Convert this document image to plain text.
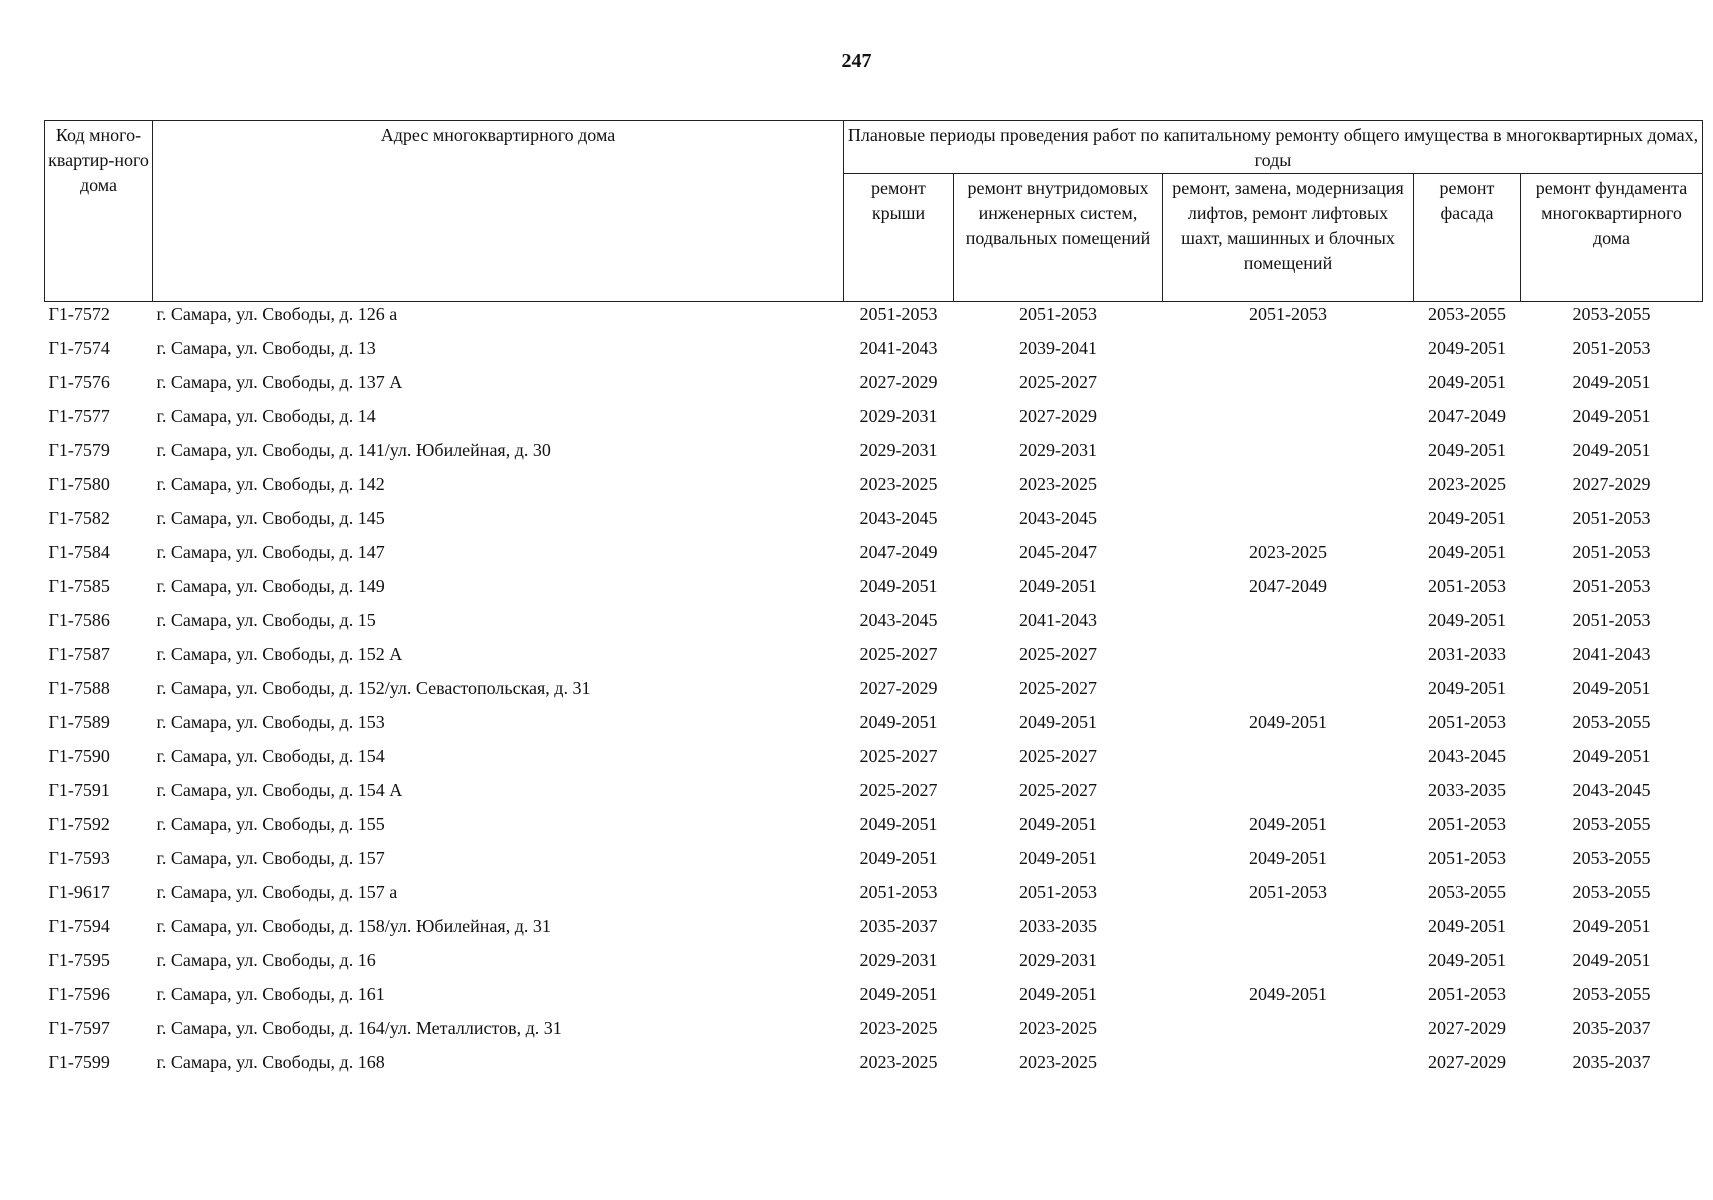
247
Код много-квартир-ного дома	Адрес многоквартирного дома	Плановые периоды проведения работ по капитальному ремонту общего имущества в многоквартирных домах, годы				
		ремонт крыши	ремонт внутридомовых инженерных систем, подвальных помещений	ремонт, замена, модернизация лифтов, ремонт лифтовых шахт, машинных и блочных помещений	ремонт фасада	ремонт фундамента многоквартирного дома
Г1-7572	г. Самара, ул. Свободы, д. 126 а	2051-2053	2051-2053	2051-2053	2053-2055	2053-2055
Г1-7574	г. Самара, ул. Свободы, д. 13	2041-2043	2039-2041		2049-2051	2051-2053
Г1-7576	г. Самара, ул. Свободы, д. 137 А	2027-2029	2025-2027		2049-2051	2049-2051
Г1-7577	г. Самара, ул. Свободы, д. 14	2029-2031	2027-2029		2047-2049	2049-2051
Г1-7579	г. Самара, ул. Свободы, д. 141/ул. Юбилейная, д. 30	2029-2031	2029-2031		2049-2051	2049-2051
Г1-7580	г. Самара, ул. Свободы, д. 142	2023-2025	2023-2025		2023-2025	2027-2029
Г1-7582	г. Самара, ул. Свободы, д. 145	2043-2045	2043-2045		2049-2051	2051-2053
Г1-7584	г. Самара, ул. Свободы, д. 147	2047-2049	2045-2047	2023-2025	2049-2051	2051-2053
Г1-7585	г. Самара, ул. Свободы, д. 149	2049-2051	2049-2051	2047-2049	2051-2053	2051-2053
Г1-7586	г. Самара, ул. Свободы, д. 15	2043-2045	2041-2043		2049-2051	2051-2053
Г1-7587	г. Самара, ул. Свободы, д. 152 А	2025-2027	2025-2027		2031-2033	2041-2043
Г1-7588	г. Самара, ул. Свободы, д. 152/ул. Севастопольская, д. 31	2027-2029	2025-2027		2049-2051	2049-2051
Г1-7589	г. Самара, ул. Свободы, д. 153	2049-2051	2049-2051	2049-2051	2051-2053	2053-2055
Г1-7590	г. Самара, ул. Свободы, д. 154	2025-2027	2025-2027		2043-2045	2049-2051
Г1-7591	г. Самара, ул. Свободы, д. 154 А	2025-2027	2025-2027		2033-2035	2043-2045
Г1-7592	г. Самара, ул. Свободы, д. 155	2049-2051	2049-2051	2049-2051	2051-2053	2053-2055
Г1-7593	г. Самара, ул. Свободы, д. 157	2049-2051	2049-2051	2049-2051	2051-2053	2053-2055
Г1-9617	г. Самара, ул. Свободы, д. 157 а	2051-2053	2051-2053	2051-2053	2053-2055	2053-2055
Г1-7594	г. Самара, ул. Свободы, д. 158/ул. Юбилейная, д. 31	2035-2037	2033-2035		2049-2051	2049-2051
Г1-7595	г. Самара, ул. Свободы, д. 16	2029-2031	2029-2031		2049-2051	2049-2051
Г1-7596	г. Самара, ул. Свободы, д. 161	2049-2051	2049-2051	2049-2051	2051-2053	2053-2055
Г1-7597	г. Самара, ул. Свободы, д. 164/ул. Металлистов, д. 31	2023-2025	2023-2025		2027-2029	2035-2037
Г1-7599	г. Самара, ул. Свободы, д. 168	2023-2025	2023-2025		2027-2029	2035-2037
